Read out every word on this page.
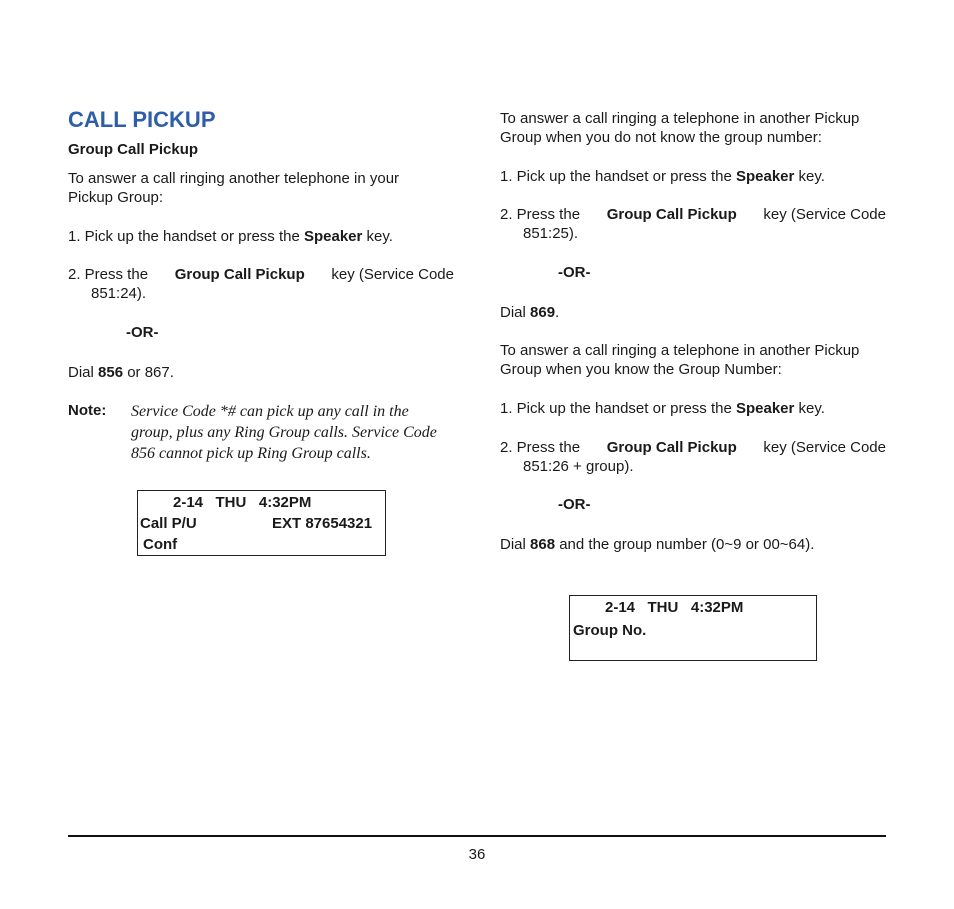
CALL PICKUP
Group Call Pickup
To answer a call ringing another telephone in your Pickup Group:
1. Pick up the handset or press the Speaker key.
2. Press the Group Call Pickup key (Service Code
851:24).
-OR-
Dial 856 or 867.
Note: Service Code *# can pick up any call in the group, plus any Ring Group calls. Service Code 856 cannot pick up Ring Group calls.
2-14   THU   4:32PM
Call P/U	EXT 87654321
Conf
To answer a call ringing a telephone in another Pickup Group when you do not know the group number:
1. Pick up the handset or press the Speaker key.
2. Press the Group Call Pickup key (Service Code
851:25).
-OR-
Dial 869.
To answer a call ringing a telephone in another Pickup Group when you know the Group Number:
1. Pick up the handset or press the Speaker key.
2. Press the Group Call Pickup key (Service Code
851:26 + group).
-OR-
Dial 868 and the group number (0~9 or 00~64).
2-14   THU   4:32PM
Group No.
36
